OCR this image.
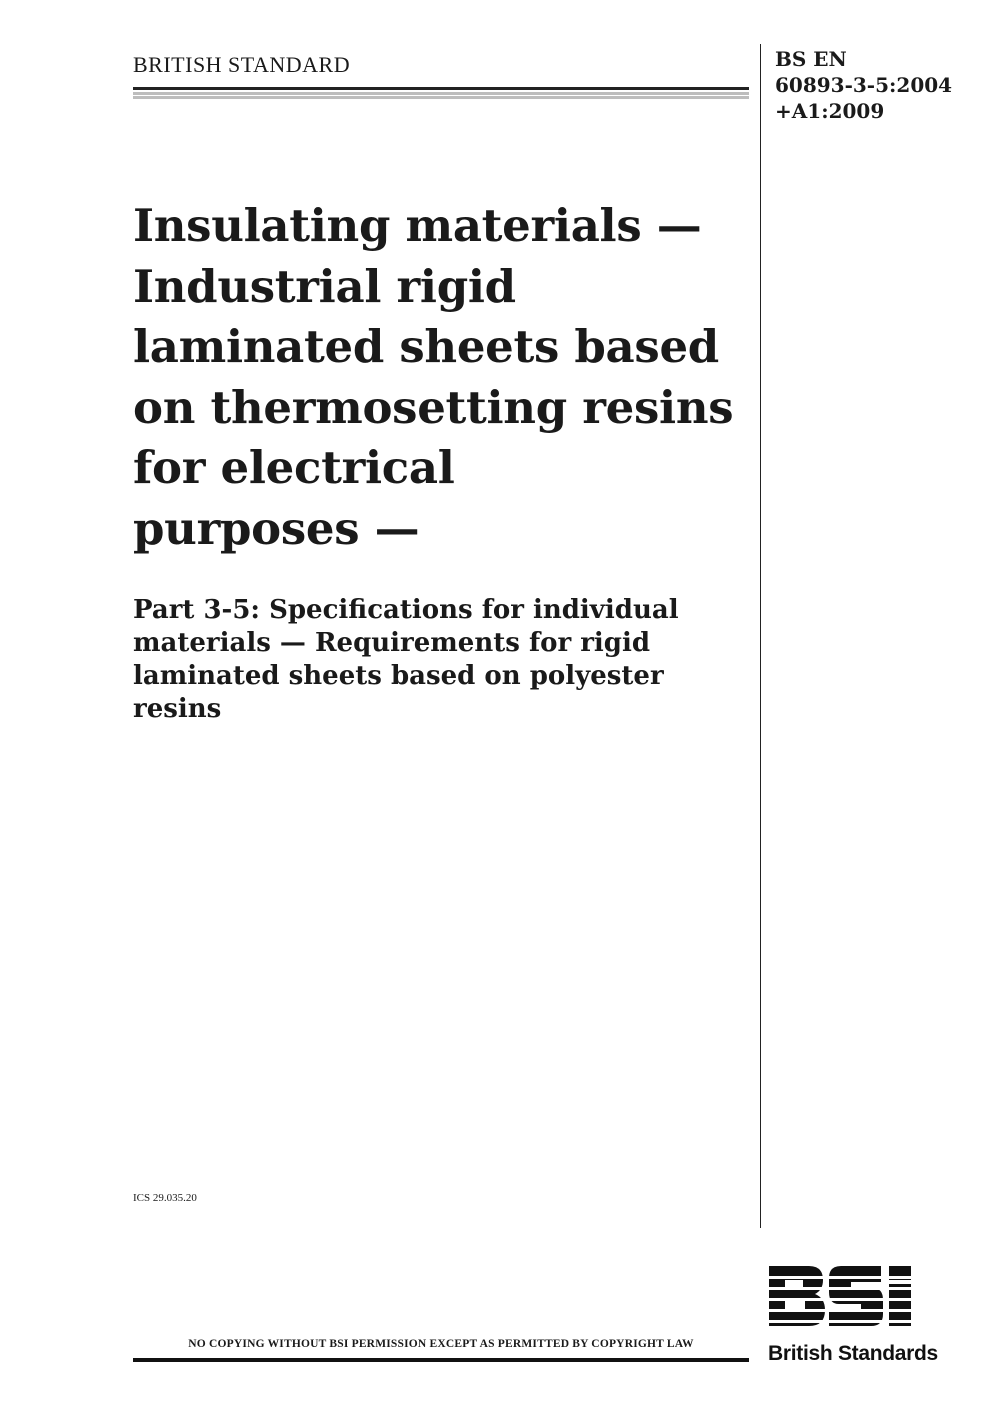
BRITISH STANDARD	BS EN
60893-3-5:2004
+A1:2009
Insulating materials —
Industrial rigid
laminated sheets based
on thermosetting resins
for electrical
purposes —
Part 3-5: Specifications for individual
materials — Requirements for rigid
laminated sheets based on polyester
resins
ICS 29.035.20
NO COPYING WITHOUT BSI PERMISSION EXCEPT AS PERMITTED BY COPYRIGHT LAW	British Standards
